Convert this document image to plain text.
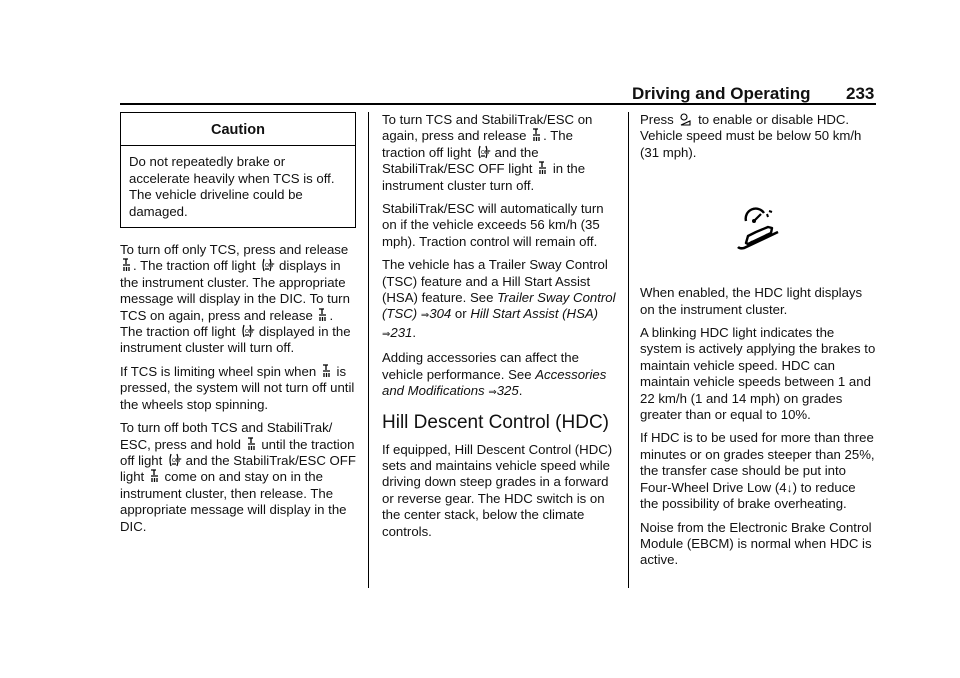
Driving and Operating 233
Caution
Do not repeatedly brake or accelerate heavily when TCS is off. The vehicle driveline could be damaged.

To turn off only TCS, press and release . The traction off light OFF displays in the instrument cluster. The appropriate message will display in the DIC. To turn TCS on again, press and release . The traction off light OFF displayed in the instrument cluster will turn off.

If TCS is limiting wheel spin when is pressed, the system will not turn off until the wheels stop spinning.

To turn off both TCS and StabiliTrak/ ESC, press and hold until the traction off light OFF and the StabiliTrak/ESC OFF light come on and stay on in the instrument cluster, then release. The appropriate message will display in the DIC.

To turn TCS and StabiliTrak/ESC on again, press and release . The traction off light OFF and the StabiliTrak/ESC OFF light in the instrument cluster turn off.

StabiliTrak/ESC will automatically turn on if the vehicle exceeds 56 km/h (35 mph). Traction control will remain off.

The vehicle has a Trailer Sway Control (TSC) feature and a Hill Start Assist (HSA) feature. See Trailer Sway Control (TSC) ⇒304 or Hill Start Assist (HSA) ⇒231.

Adding accessories can affect the vehicle performance. See Accessories and Modifications ⇒325.

Hill Descent Control (HDC)

If equipped, Hill Descent Control (HDC) sets and maintains vehicle speed while driving down steep grades in a forward or reverse gear. The HDC switch is on the center stack, below the climate controls.

Press to enable or disable HDC. Vehicle speed must be below 50 km/h (31 mph).

When enabled, the HDC light displays on the instrument cluster.

A blinking HDC light indicates the system is actively applying the brakes to maintain vehicle speed. HDC can maintain vehicle speeds between 1 and 22 km/h (1 and 14 mph) on grades greater than or equal to 10%.

If HDC is to be used for more than three minutes or on grades steeper than 25%, the transfer case should be put into Four-Wheel Drive Low (4↓) to reduce the possibility of brake overheating.

Noise from the Electronic Brake Control Module (EBCM) is normal when HDC is active.
